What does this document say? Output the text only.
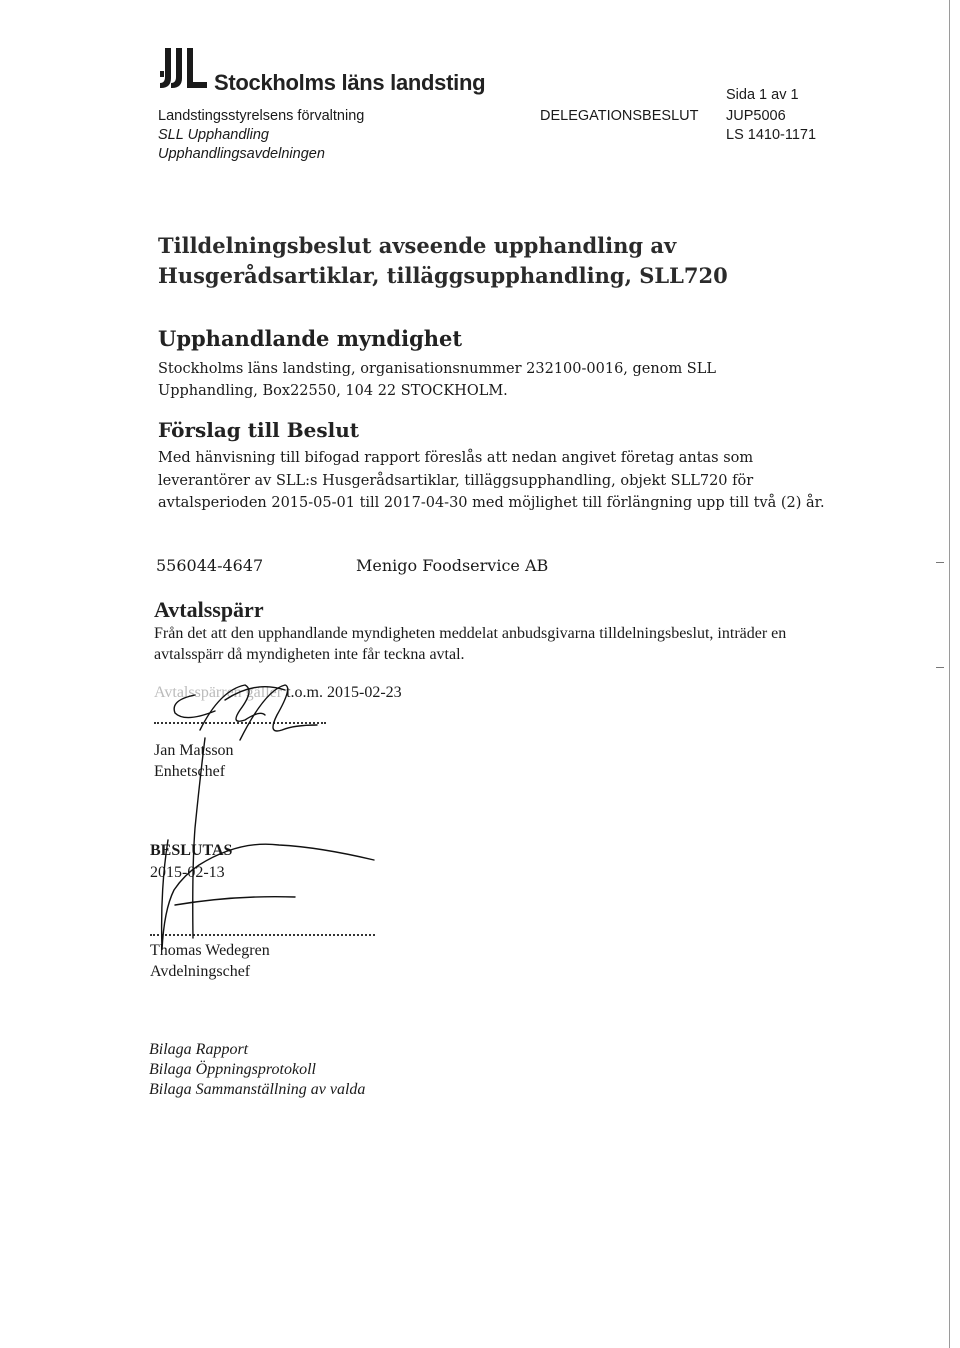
Stockholms läns landsting
Landstingsstyrelsens förvaltning
SLL Upphandling
Upphandlingsavdelningen
DELEGATIONSBESLUT
Sida 1 av 1
JUP5006
LS 1410-1171
Tilldelningsbeslut avseende upphandling av
Husgerådsartiklar, tilläggsupphandling, SLL720
Upphandlande myndighet
Stockholms läns landsting, organisationsnummer 232100-0016, genom SLL Upphandling, Box22550, 104 22 STOCKHOLM.
Förslag till Beslut
Med hänvisning till bifogad rapport föreslås att nedan angivet företag antas som leverantörer av SLL:s Husgerådsartiklar, tilläggsupphandling, objekt SLL720 för avtalsperioden 2015-05-01 till 2017-04-30 med möjlighet till förlängning upp till två (2) år.
556044-4647	Menigo Foodservice AB
Avtalsspärr
Från det att den upphandlande myndigheten meddelat anbudsgivarna tilldelningsbeslut, inträder en avtalsspärr då myndigheten inte får teckna avtal.
Avtalsspärren gäller t.o.m. 2015-02-23
Jan Matsson
Enhetschef
BESLUTAS
2015-02-13
Thomas Wedegren
Avdelningschef
Bilaga Rapport
Bilaga Öppningsprotokoll
Bilaga Sammanställning av valda
